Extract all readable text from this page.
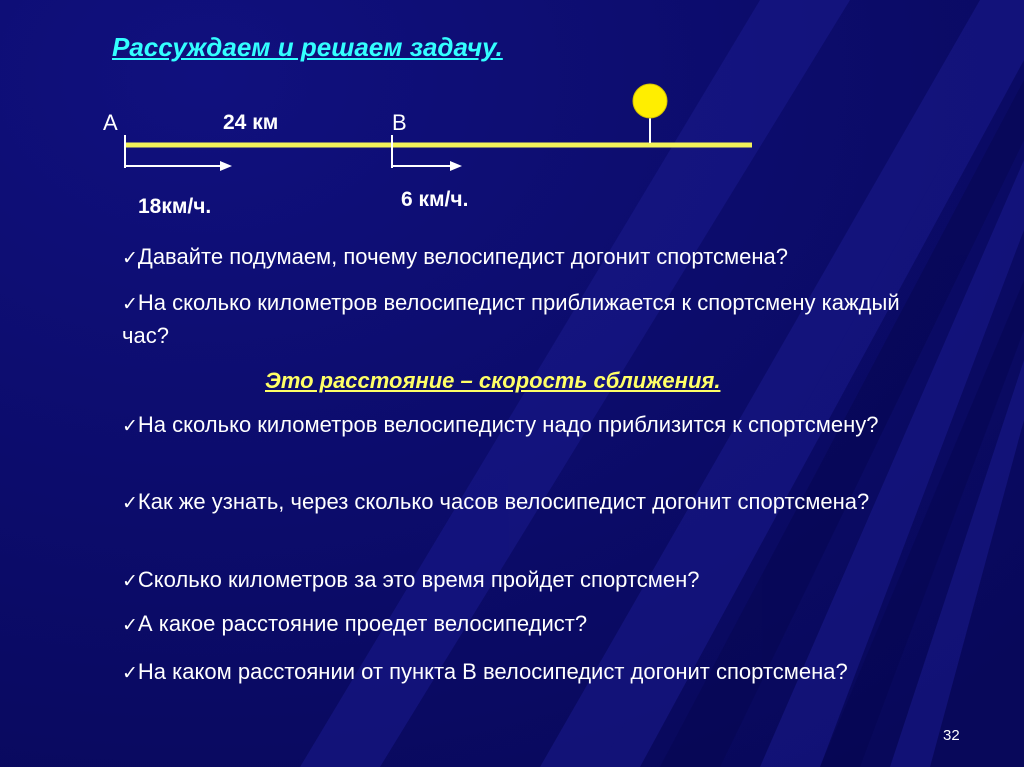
Рассуждаем и решаем задачу.
A	B
24 км
18км/ч.	6 км/ч.
✓Давайте подумаем, почему велосипедист догонит спортсмена?
✓На сколько километров велосипедист приближается к спортсмену каждый час?
Это расстояние – скорость сближения.
✓На сколько километров велосипедисту надо приблизится к спортсмену?
✓Как же узнать, через сколько часов велосипедист догонит спортсмена?
✓Сколько километров за это время пройдет спортсмен?
✓А какое расстояние проедет велосипедист?
✓На каком расстоянии от пункта В велосипедист догонит спортсмена?
32
